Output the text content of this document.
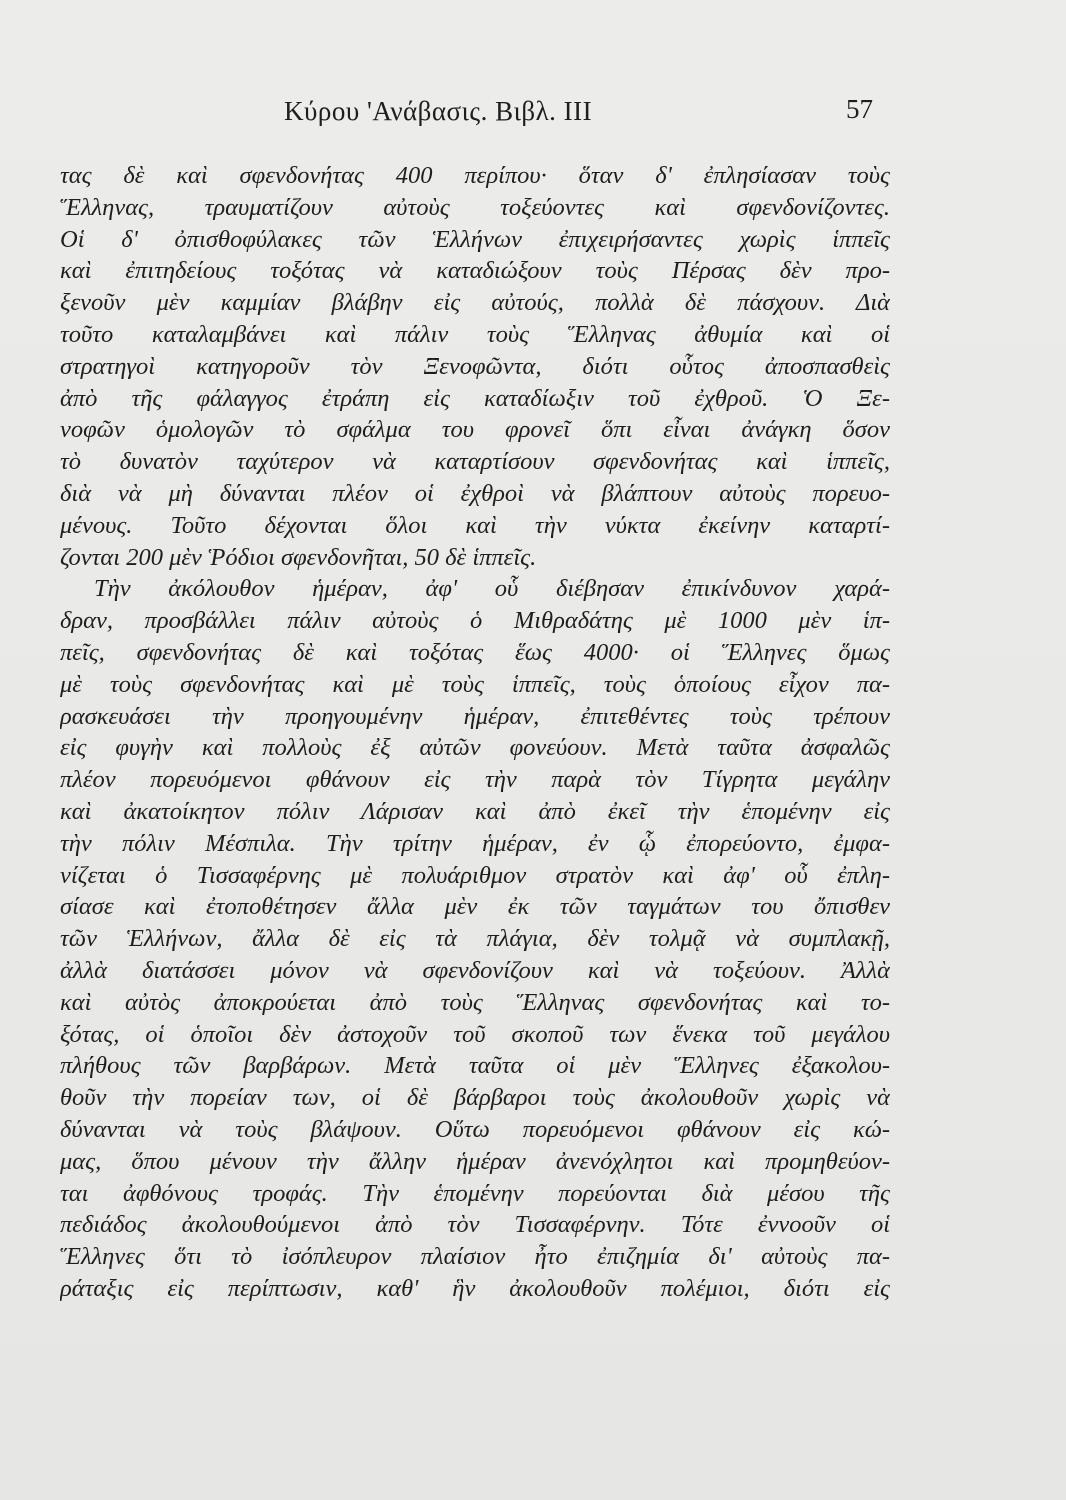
Κύρου 'Ανάβασις. Βιβλ. III	57
τας δὲ καὶ σφενδονήτας 400 περίπου· ὅταν δ' ἐπλησίασαν τοὺς
Ἕλληνας, τραυματίζουν αὐτοὺς τοξεύοντες καὶ σφενδονίζοντες.
Οἱ δ' ὀπισθοφύλακες τῶν Ἑλλήνων ἐπιχειρήσαντες χωρὶς ἱππεῖς
καὶ ἐπιτηδείους τοξότας νὰ καταδιώξουν τοὺς Πέρσας δὲν προ-
ξενοῦν μὲν καμμίαν βλάβην εἰς αὐτούς, πολλὰ δὲ πάσχουν. Διὰ
τοῦτο καταλαμβάνει καὶ πάλιν τοὺς Ἕλληνας ἀθυμία καὶ οἱ
στρατηγοὶ κατηγοροῦν τὸν Ξενοφῶντα, διότι οὗτος ἀποσπασθεὶς
ἀπὸ τῆς φάλαγγος ἐτράπη εἰς καταδίωξιν τοῦ ἐχθροῦ. Ὁ Ξε-
νοφῶν ὁμολογῶν τὸ σφάλμα του φρονεῖ ὅπι εἶναι ἀνάγκη ὅσον
τὸ δυνατὸν ταχύτερον νὰ καταρτίσουν σφενδονήτας καὶ ἱππεῖς,
διὰ νὰ μὴ δύνανται πλέον οἱ ἐχθροὶ νὰ βλάπτουν αὐτοὺς πορευο-
μένους. Τοῦτο δέχονται ὅλοι καὶ τὴν νύκτα ἐκείνην καταρτί-
ζονται 200 μὲν Ῥόδιοι σφενδονῆται, 50 δὲ ἱππεῖς.
Τὴν ἀκόλουθον ἡμέραν, ἀφ' οὗ διέβησαν ἐπικίνδυνον χαρά-
δραν, προσβάλλει πάλιν αὐτοὺς ὁ Μιθραδάτης μὲ 1000 μὲν ἱπ-
πεῖς, σφενδονήτας δὲ καὶ τοξότας ἕως 4000· οἱ Ἕλληνες ὅμως
μὲ τοὺς σφενδονήτας καὶ μὲ τοὺς ἱππεῖς, τοὺς ὁποίους εἶχον πα-
ρασκευάσει τὴν προηγουμένην ἡμέραν, ἐπιτεθέντες τοὺς τρέπουν
εἰς φυγὴν καὶ πολλοὺς ἐξ αὐτῶν φονεύουν. Μετὰ ταῦτα ἀσφαλῶς
πλέον πορευόμενοι φθάνουν εἰς τὴν παρὰ τὸν Τίγρητα μεγάλην
καὶ ἀκατοίκητον πόλιν Λάρισαν καὶ ἀπὸ ἐκεῖ τὴν ἑπομένην εἰς
τὴν πόλιν Μέσπιλα. Τὴν τρίτην ἡμέραν, ἐν ᾧ ἐπορεύοντο, ἐμφα-
νίζεται ὁ Τισσαφέρνης μὲ πολυάριθμον στρατὸν καὶ ἀφ' οὗ ἐπλη-
σίασε καὶ ἐτοποθέτησεν ἄλλα μὲν ἐκ τῶν ταγμάτων του ὄπισθεν
τῶν Ἑλλήνων, ἄλλα δὲ εἰς τὰ πλάγια, δὲν τολμᾷ νὰ συμπλακῇ,
ἀλλὰ διατάσσει μόνον νὰ σφενδονίζουν καὶ νὰ τοξεύουν. Ἀλλὰ
καὶ αὐτὸς ἀποκρούεται ἀπὸ τοὺς Ἕλληνας σφενδονήτας καὶ το-
ξότας, οἱ ὁποῖοι δὲν ἀστοχοῦν τοῦ σκοποῦ των ἕνεκα τοῦ μεγάλου
πλήθους τῶν βαρβάρων. Μετὰ ταῦτα οἱ μὲν Ἕλληνες ἐξακολου-
θοῦν τὴν πορείαν των, οἱ δὲ βάρβαροι τοὺς ἀκολουθοῦν χωρὶς νὰ
δύνανται νὰ τοὺς βλάψουν. Οὕτω πορευόμενοι φθάνουν εἰς κώ-
μας, ὅπου μένουν τὴν ἄλλην ἡμέραν ἀνενόχλητοι καὶ προμηθεύον-
ται ἀφθόνους τροφάς. Τὴν ἑπομένην πορεύονται διὰ μέσου τῆς
πεδιάδος ἀκολουθούμενοι ἀπὸ τὸν Τισσαφέρνην. Τότε ἐννοοῦν οἱ
Ἕλληνες ὅτι τὸ ἰσόπλευρον πλαίσιον ἦτο ἐπιζημία δι' αὐτοὺς πα-
ράταξις εἰς περίπτωσιν, καθ' ἣν ἀκολουθοῦν πολέμιοι, διότι εἰς
